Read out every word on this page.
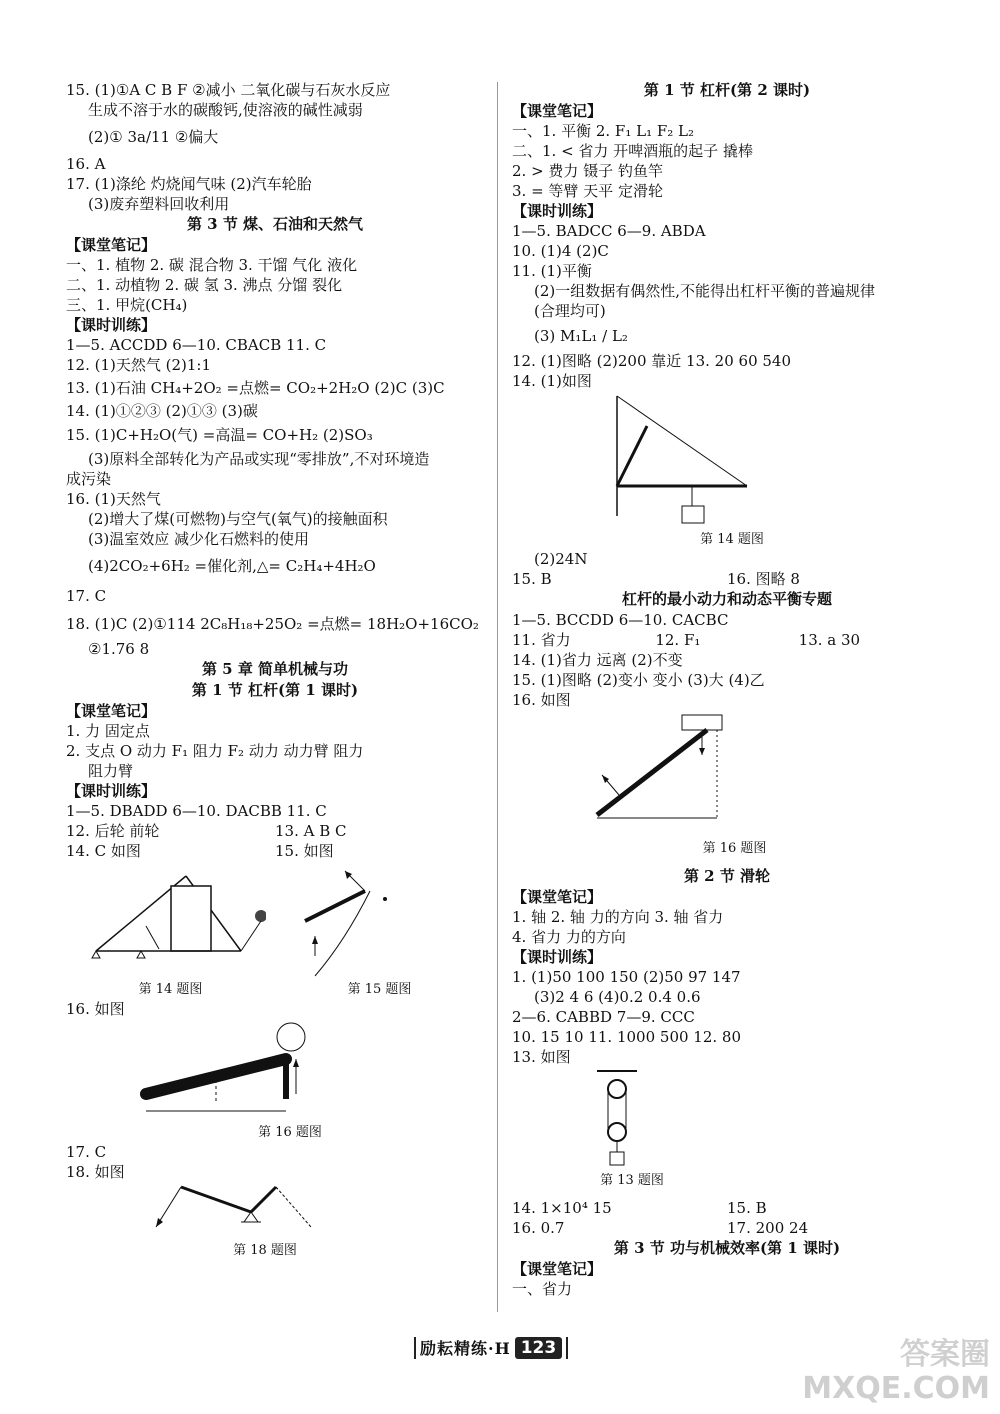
15. (1)①A C B F ②减小 二氧化碳与石灰水反应
生成不溶于水的碳酸钙,使溶液的碱性减弱
(2)① 3a/11 ②偏大
16. A
17. (1)涤纶 灼烧闻气味 (2)汽车轮胎
(3)废弃塑料回收利用
第 3 节 煤、石油和天然气
【课堂笔记】
一、1. 植物 2. 碳 混合物 3. 干馏 气化 液化
二、1. 动植物 2. 碳 氢 3. 沸点 分馏 裂化
三、1. 甲烷(CH₄)
【课时训练】
1—5. ACCDD 6—10. CBACB 11. C
12. (1)天然气 (2)1:1
13. (1)石油 CH₄+2O₂ =点燃= CO₂+2H₂O (2)C (3)C
14. (1)①②③ (2)①③ (3)碳
15. (1)C+H₂O(气) =高温= CO+H₂ (2)SO₃
(3)原料全部转化为产品或实现“零排放”,不对环境造
成污染
16. (1)天然气
(2)增大了煤(可燃物)与空气(氧气)的接触面积
(3)温室效应 减少化石燃料的使用
(4)2CO₂+6H₂ =催化剂,△= C₂H₄+4H₂O
17. C
18. (1)C (2)①114 2C₈H₁₈+25O₂ =点燃= 18H₂O+16CO₂
②1.76 8
第 5 章 简单机械与功
第 1 节 杠杆(第 1 课时)
【课堂笔记】
1. 力 固定点
2. 支点 O 动力 F₁ 阻力 F₂ 动力 动力臂 阻力
阻力臂
【课时训练】
1—5. DBADD 6—10. DACBB 11. C
12. 后轮 前轮	13. A B C
14. C 如图	15. 如图
第 14 题图	第 15 题图
16. 如图
第 16 题图
17. C
18. 如图
第 18 题图
第 1 节 杠杆(第 2 课时)
【课堂笔记】
一、1. 平衡 2. F₁ L₁ F₂ L₂
二、1. < 省力 开啤酒瓶的起子 撬棒
2. > 费力 镊子 钓鱼竿
3. = 等臂 天平 定滑轮
【课时训练】
1—5. BADCC 6—9. ABDA
10. (1)4 (2)C
11. (1)平衡
(2)一组数据有偶然性,不能得出杠杆平衡的普遍规律
(合理均可)
(3) M₁L₁ / L₂
12. (1)图略 (2)200 靠近 13. 20 60 540
14. (1)如图
第 14 题图
(2)24N
15. B	16. 图略 8
杠杆的最小动力和动态平衡专题
1—5. BCCDD 6—10. CACBC
11. 省力	12. F₁	13. a 30
14. (1)省力 远离 (2)不变
15. (1)图略 (2)变小 变小 (3)大 (4)乙
16. 如图
第 16 题图
第 2 节 滑轮
【课堂笔记】
1. 轴 2. 轴 力的方向 3. 轴 省力
4. 省力 力的方向
【课时训练】
1. (1)50 100 150 (2)50 97 147
(3)2 4 6 (4)0.2 0.4 0.6
2—6. CABBD 7—9. CCC
10. 15 10 11. 1000 500 12. 80
13. 如图
第 13 题图
14. 1×10⁴ 15	15. B
16. 0.7	17. 200 24
第 3 节 功与机械效率(第 1 课时)
【课堂笔记】
一、省力
励耘精练·H 123	答案圈
MXQE.COM
